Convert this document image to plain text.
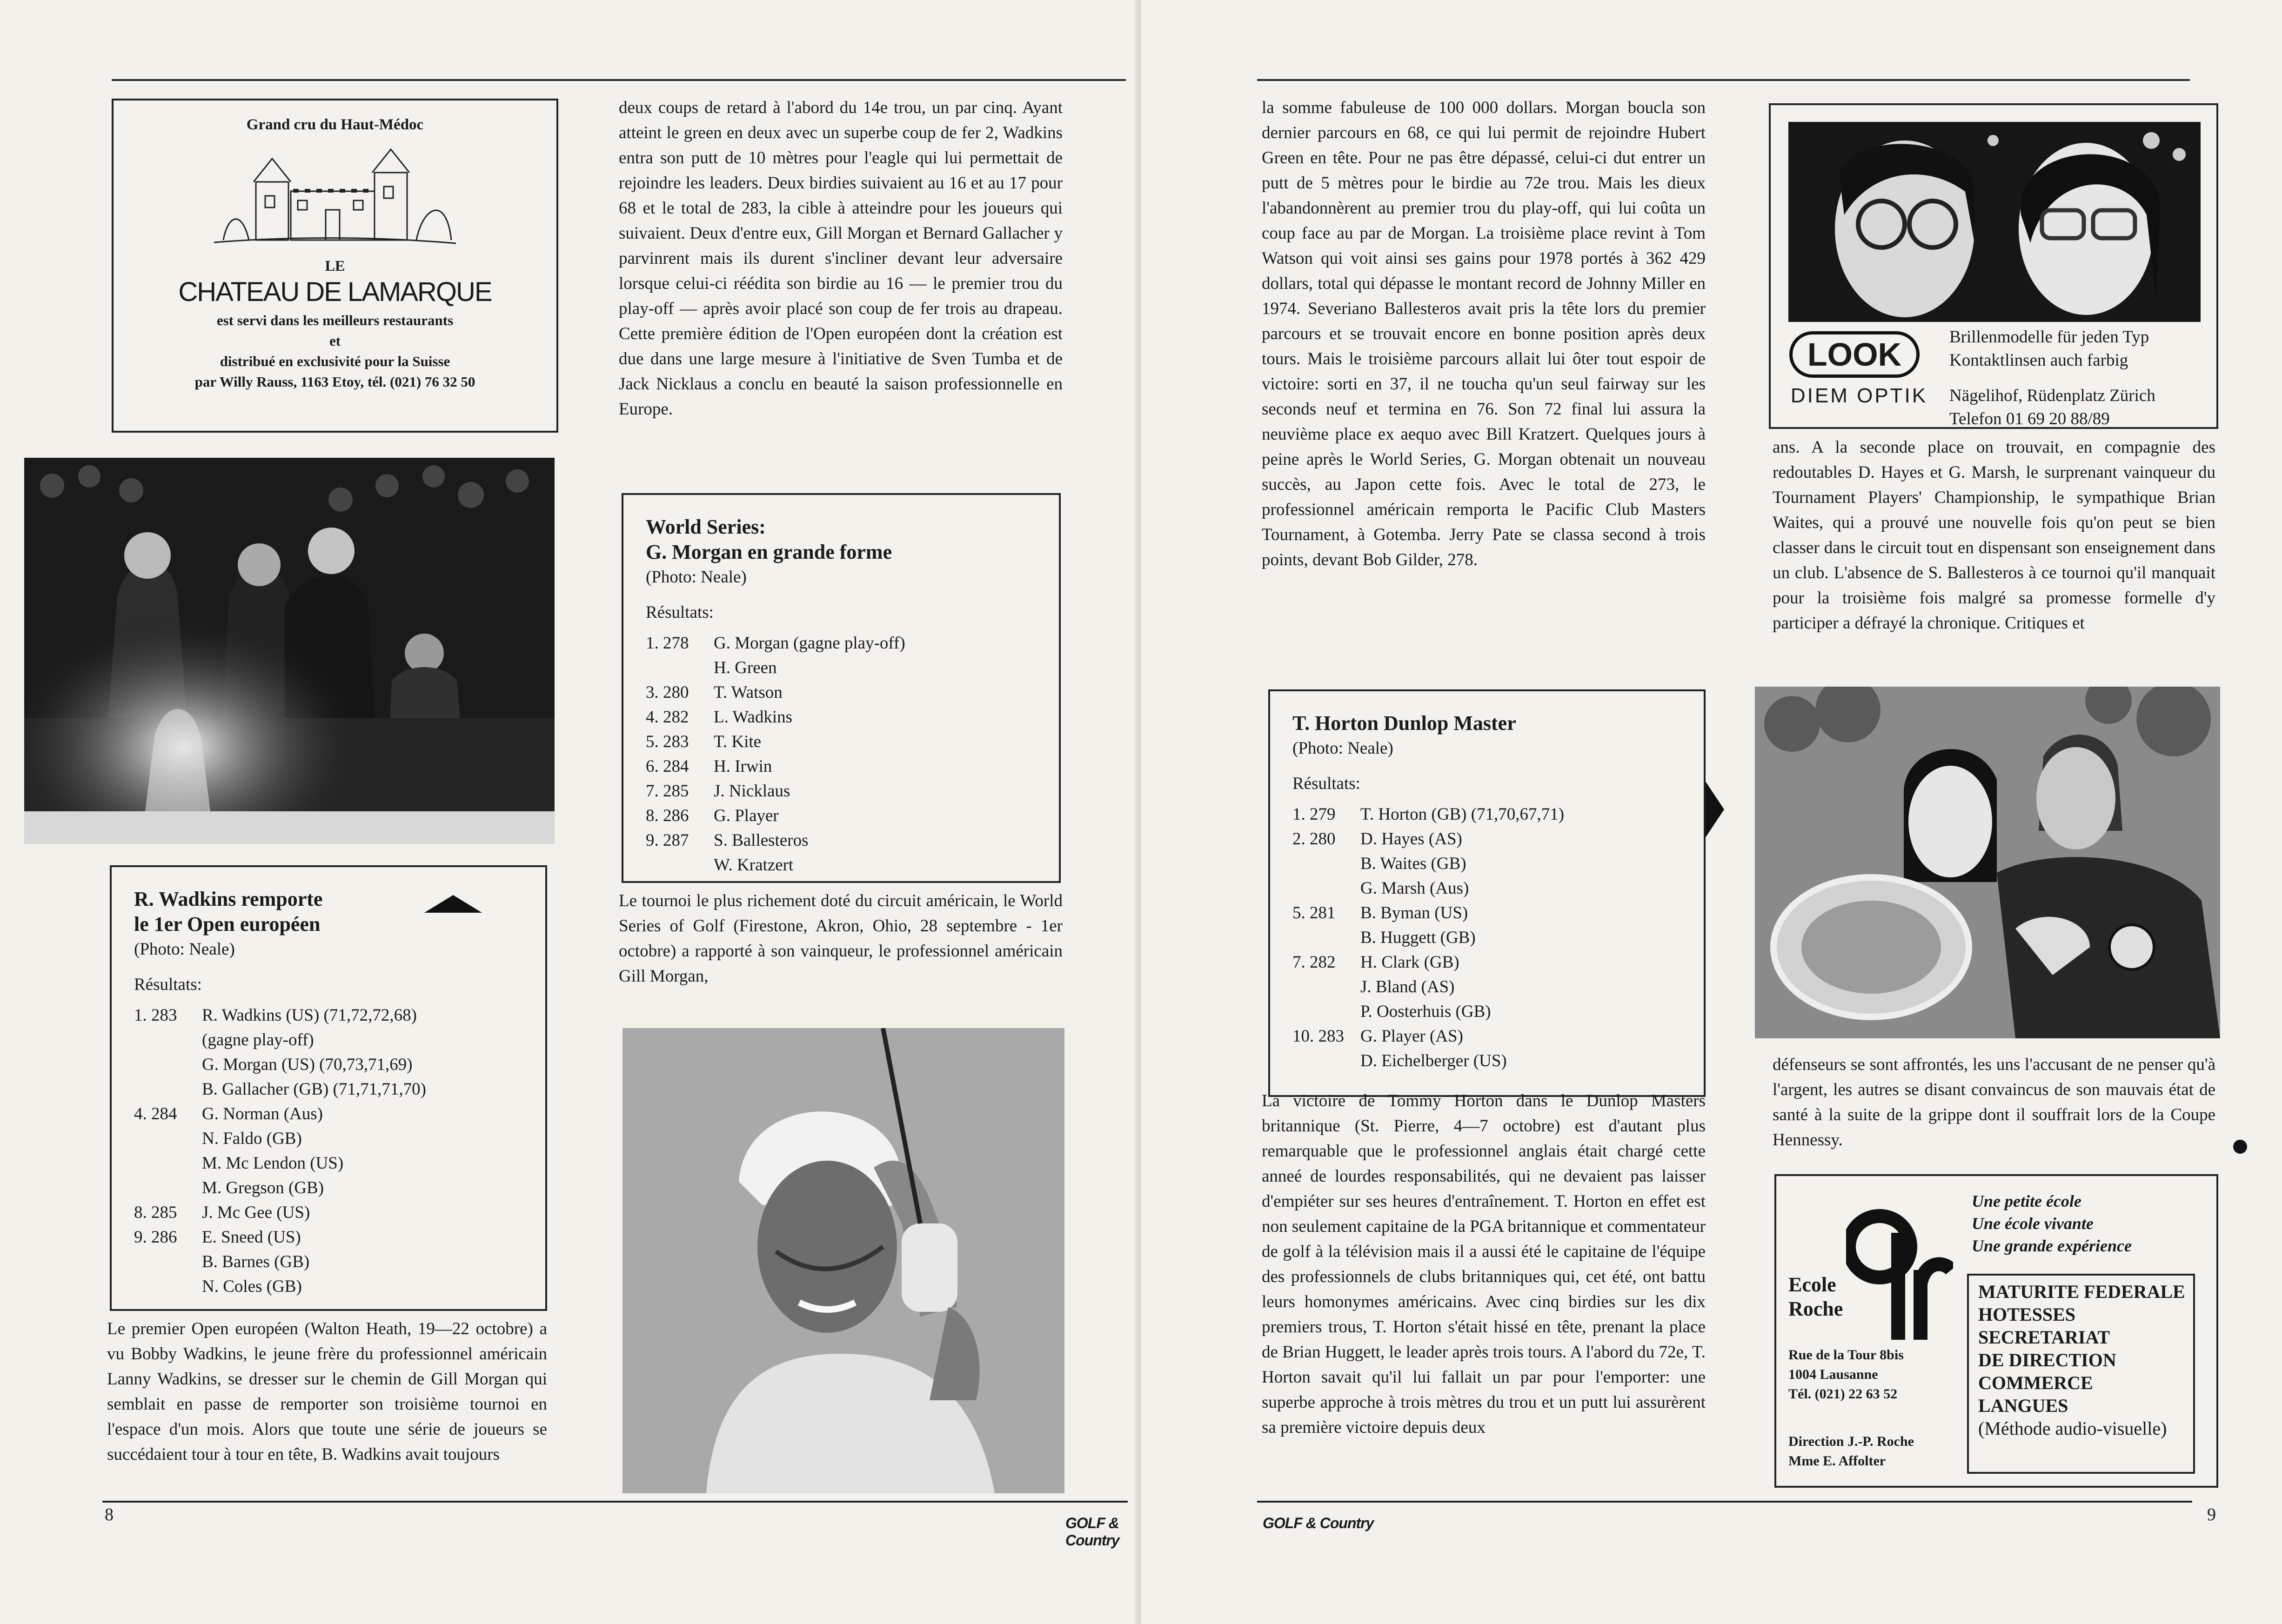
Grand cru du Haut-Médoc
LE
CHATEAU DE LAMARQUE
est servi dans les meilleurs restaurants
et
distribué en exclusivité pour la Suisse
par Willy Rauss, 1163 Etoy, tél. (021) 76 32 50

R. Wadkins remporte

le 1er Open européen

(Photo: Neale)

Résultats:

1. 283	R. Wadkins (US) (71,72,72,68)
(gagne play-off)
G. Morgan (US) (70,73,71,69)
B. Gallacher (GB) (71,71,71,70)
4. 284	G. Norman (Aus)
N. Faldo (GB)
M. Mc Lendon (US)
M. Gregson (GB)
8. 285	J. Mc Gee (US)
9. 286	E. Sneed (US)
B. Barnes (GB)
N. Coles (GB)

Le premier Open européen (Walton Heath, 19—22 octobre) a vu Bobby Wadkins, le jeune frère du professionnel américain Lanny Wadkins, se dresser sur le chemin de Gill Morgan qui semblait en passe de remporter son troisième tournoi en l'espace d'un mois. Alors que toute une série de joueurs se succédaient tour à tour en tête, B. Wadkins avait toujours

deux coups de retard à l'abord du 14e trou, un par cinq. Ayant atteint le green en deux avec un superbe coup de fer 2, Wadkins entra son putt de 10 mètres pour l'eagle qui lui permettait de rejoindre les leaders. Deux birdies suivaient au 16 et au 17 pour 68 et le total de 283, la cible à atteindre pour les joueurs qui suivaient. Deux d'entre eux, Gill Morgan et Bernard Gallacher y parvinrent mais ils durent s'incliner devant leur adversaire lorsque celui-ci réédita son birdie au 16 — le premier trou du play-off — après avoir placé son coup de fer trois au drapeau. Cette première édition de l'Open européen dont la création est due dans une large mesure à l'initiative de Sven Tumba et de Jack Nicklaus a conclu en beauté la saison professionnelle en Europe.

World Series:

G. Morgan en grande forme

(Photo: Neale)

Résultats:

1. 278	G. Morgan (gagne play-off)
H. Green
3. 280	T. Watson
4. 282	L. Wadkins
5. 283	T. Kite
6. 284	H. Irwin
7. 285	J. Nicklaus
8. 286	G. Player
9. 287	S. Ballesteros
W. Kratzert

Le tournoi le plus richement doté du circuit américain, le World Series of Golf (Firestone, Akron, Ohio, 28 septembre - 1er octobre) a rapporté à son vainqueur, le professionnel américain Gill Morgan,

8	GOLF & Country

la somme fabuleuse de 100 000 dollars. Morgan boucla son dernier parcours en 68, ce qui lui permit de rejoindre Hubert Green en tête. Pour ne pas être dépassé, celui-ci dut entrer un putt de 5 mètres pour le birdie au 72e trou. Mais les dieux l'abandonnèrent au premier trou du play-off, qui lui coûta un coup face au par de Morgan. La troisième place revint à Tom Watson qui voit ainsi ses gains pour 1978 portés à 362 429 dollars, total qui dépasse le montant record de Johnny Miller en 1974. Severiano Ballesteros avait pris la tête lors du premier parcours et se trouvait encore en bonne position après deux tours. Mais le troisième parcours allait lui ôter tout espoir de victoire: sorti en 37, il ne toucha qu'un seul fairway sur les seconds neuf et termina en 76. Son 72 final lui assura la neuvième place ex aequo avec Bill Kratzert. Quelques jours à peine après le World Series, G. Morgan obtenait un nouveau succès, au Japon cette fois. Avec le total de 273, le professionnel américain remporta le Pacific Club Masters Tournament, à Gotemba. Jerry Pate se classa second à trois points, devant Bob Gilder, 278.

T. Horton Dunlop Master

(Photo: Neale)

Résultats:

1. 279	T. Horton (GB) (71,70,67,71)
2. 280	D. Hayes (AS)
B. Waites (GB)
G. Marsh (Aus)
5. 281	B. Byman (US)
B. Huggett (GB)
7. 282	H. Clark (GB)
J. Bland (AS)
P. Oosterhuis (GB)
10. 283 G. Player (AS)
D. Eichelberger (US)

La victoire de Tommy Horton dans le Dunlop Masters britannique (St. Pierre, 4—7 octobre) est d'autant plus remarquable que le professionnel anglais était chargé cette anneé de lourdes responsabilités, qui ne devaient pas laisser d'empiéter sur ses heures d'entraînement. T. Horton en effet est non seulement capitaine de la PGA britannique et commentateur de golf à la télévision mais il a aussi été le capitaine de l'équipe des professionnels de clubs britanniques qui, cet été, ont battu leurs homonymes américains. Avec cinq birdies sur les dix premiers trous, T. Horton s'était hissé en tête, prenant la place de Brian Huggett, le leader après trois tours. A l'abord du 72e, T. Horton savait qu'il lui fallait un par pour l'emporter: une superbe approche à trois mètres du trou et un putt lui assurèrent sa première victoire depuis deux

LOOK
DIEM OPTIK
Brillenmodelle für jeden Typ
Kontaktlinsen auch farbig
Nägelihof, Rüdenplatz Zürich
Telefon 01 69 20 88/89

ans. A la seconde place on trouvait, en compagnie des redoutables D. Hayes et G. Marsh, le surprenant vainqueur du Tournament Players' Championship, le sympathique Brian Waites, qui a prouvé une nouvelle fois qu'on peut se bien classer dans le circuit tout en dispensant son enseignement dans un club. L'absence de S. Ballesteros à ce tournoi qu'il manquait pour la troisième fois malgré sa promesse formelle d'y participer a défrayé la chronique. Critiques et

défenseurs se sont affrontés, les uns l'accusant de ne penser qu'à l'argent, les autres se disant convaincus de son mauvais état de santé à la suite de la grippe dont il souffrait lors de la Coupe Hennessy.

Ecole
Roche
Rue de la Tour 8bis
1004 Lausanne
Tél. (021) 22 63 52
Direction J.-P. Roche
Mme E. Affolter
Une petite école
Une école vivante
Une grande expérience
MATURITE FEDERALE
HOTESSES
SECRETARIAT
DE DIRECTION
COMMERCE
LANGUES
(Méthode audio-visuelle)
GOLF & Country	9
